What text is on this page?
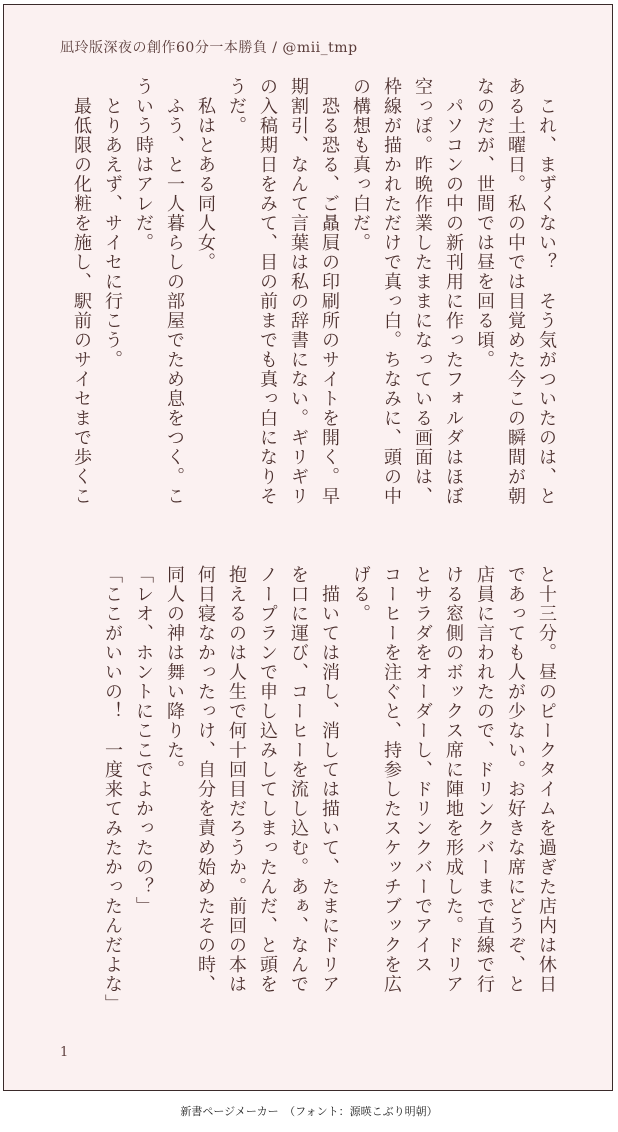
凪玲版深夜の創作60分一本勝負 / @mii_tmp

　これ、まずくない？　そう気がついたのは、と

ある土曜日。私の中では目覚めた今この瞬間が朝

なのだが、世間では昼を回る頃。

　パソコンの中の新刊用に作ったフォルダはほぼ

空っぽ。昨晩作業したままになっている画面は、

枠線が描かれただけで真っ白。ちなみに、頭の中

の構想も真っ白だ。

　恐る恐る、ご贔屓の印刷所のサイトを開く。早

期割引、なんて言葉は私の辞書にない。ギリギリ

の入稿期日をみて、目の前までも真っ白になりそ

うだ。

　私はとある同人女。

　ふう、と一人暮らしの部屋でため息をつく。こ

ういう時はアレだ。

　とりあえず、サイセに行こう。

　最低限の化粧を施し、駅前のサイセまで歩くこ

と十三分。昼のピークタイムを過ぎた店内は休日

であっても人が少ない。お好きな席にどうぞ、と

店員に言われたので、ドリンクバーまで直線で行

ける窓側のボックス席に陣地を形成した。ドリア

とサラダをオーダーし、ドリンクバーでアイス

コーヒーを注ぐと、持参したスケッチブックを広

げる。

　描いては消し、消しては描いて、たまにドリア

を口に運び、コーヒーを流し込む。あぁ、なんで

ノープランで申し込みしてしまったんだ、と頭を

抱えるのは人生で何十回目だろうか。前回の本は

何日寝なかったっけ、自分を責め始めたその時、

同人の神は舞い降りた。

「レオ、ホントにここでよかったの？」

「ここがいいの！　一度来てみたかったんだよな」

1
新書ページメーカー　（フォント：源暎こぶり明朝）
